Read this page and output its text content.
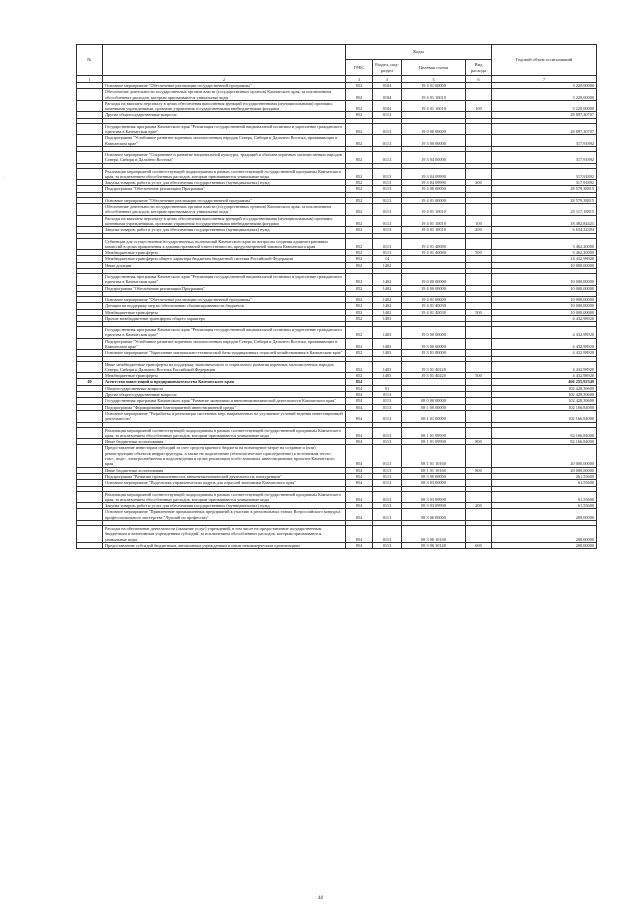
·
№		Коды				Годовой объем ассигнований
		ГРБС	Раздел, под-раздел	Целевая статья	Вид расхода	
1	2	3	4	5	6	7
	Основное мероприятие "Обеспечение реализации государственной программы"	852	0104	19 4 01 00000		3 220,00000
	Обеспечение деятельности государственных органов власти (государственных органов) Камчатского края, за исключением обособленных расходов, которым присваиваются уникальные коды	852	0104	19 4 01 10010		3 220,00000
	Расходы на выплаты персоналу в целях обеспечения выполнения функций государственными (муниципальными) органами, казенными учреждениями, органами управления государственными внебюджетными фондами	852	0104	19 4 01 10010	100	3 220,00000
	Другие общегосударственные вопросы	852	0113			28 897,30707

	Государственная программа Камчатского края "Реализация государственной национальной политики и укрепление гражданского единства в Камчатском крае"	852	0113	19 0 00 00000		28 897,30707
	Подпрограмма "Устойчивое развитие коренных малочисленных народов Севера, Сибири и Дальнего Востока, проживающих в Камчатском крае"	852	0113	19 3 00 00000		317,91892

	Основное мероприятие "Сохранение и развитие национальной культуры, традиций и обычаев коренных малочисленных народов Севера, Сибири и Дальнего Востока"	852	0113	19 3 04 00000		317,91892

	Реализация мероприятий соответствующей подпрограммы в рамках соответствующей государственной программы Камчатского края, за исключением обособленных расходов, которым присваиваются уникальные коды	852	0113	19 3 04 09990		317,91892
	Закупка товаров, работ и услуг для обеспечения государственных (муниципальных) нужд	852	0113	19 3 04 09990	200	317,91892
	Подпрограмма "Обеспечение реализации Программы"	852	0113	19 4 00 00000		28 579,38815

	Основное мероприятие "Обеспечение реализации государственной программы"	852	0113	19 4 01 00000		28 579,38815
	Обеспечение деятельности государственных органов власти (государственных органов) Камчатского края, за исключением обособленных расходов, которым присваиваются уникальные коды	852	0113	19 4 01 10010		25 117,18815
	Расходы на выплаты персоналу в целях обеспечения выполнения функций государственными (муниципальными) органами, казенными учреждениями, органами управления государственными внебюджетными фондами	852	0113	19 4 01 10010	100	18 482,84421
	Закупка товаров, работ и услуг для обеспечения государственных (муниципальных) нужд	852	0113	19 4 01 10010	200	6 634,34394

	Субвенции для осуществления государственных полномочий Камчатского края по вопросам создания административных комиссий в целях привлечения к административной ответственности, предусмотренной законом Камчатского края	852	0113	19 4 01 40080		3 462,20000
	Межбюджетные трансферты	852	0113	19 4 01 40080	500	3 462,20000
	Межбюджетные трансферты общего характера бюджетам бюджетной системы Российской Федерации	852	14			14 432,98920
	Иные дотации	852	1402			10 000,00000

	Государственная программа Камчатского края "Реализация государственной национальной политики и укрепление гражданского единства в Камчатском крае"	852	1402	19 0 00 00000		10 000,00000
	Подпрограмма "Обеспечение реализации Программы"	852	1402	19 4 00 00000		10 000,00000

	Основное мероприятие "Обеспечение реализации государственной программы"	852	1402	19 4 01 00000		10 000,00000
	Дотации на поддержку мер по обеспечению сбалансированности бюджетов	852	1402	19 4 01 40030		10 000,00000
	Межбюджетные трансферты	852	1402	19 4 01 40030	500	10 000,00000
	Прочие межбюджетные трансферты общего характера	852	1403			4 432,98920

	Государственная программа Камчатского края "Реализация государственной национальной политики и укрепление гражданского единства в Камчатском крае"	852	1403	19 0 00 00000		4 432,98920
	Подпрограмма "Устойчивое развитие коренных малочисленных народов Севера, Сибири и Дальнего Востока, проживающих в Камчатском крае"	852	1403	19 3 00 00000		4 432,98920
	Основное мероприятие "Укрепление материально-технической базы традиционных отраслей хозяйствования в Камчатском крае"	852	1403	19 3 01 00000		4 432,98920

	Иные межбюджетные трансферты на поддержку экономического и социального развития коренных малочисленных народов Севера, Сибири и Дальнего Востока Российской Федерации	852	1403	19 3 01 40220		4 432,98920
	Межбюджетные трансферты	852	1403	19 3 01 40220	500	4 432,98920
40	Агентство инвестиций и предпринимательства Камчатского края	854				466 255,92349
	Общегосударственные вопросы	854	01			102 428,39600
	Другие общегосударственные вопросы	854	0113			102 428,39600
	Государственная программа Камчатского края "Развитие экономики и внешнеэкономической деятельности Камчатского края"	854	0113	08 0 00 00000		102 428,39600
	Подпрограмма "Формирование благоприятной инвестиционной среды"	854	0113	08 1 00 00000		102 166,84000
	Основное мероприятие "Разработка и реализация системных мер, направленных на улучшение условий ведения инвестиционной деятельности"	854	0113	08 1 01 00000		102 166,84000

	Реализация мероприятий соответствующей подпрограммы в рамках соответствующей государственной программы Камчатского края, за исключением обособленных расходов, которым присваиваются уникальные коды	854	0113	08 1 01 09990		82 166,84000
	Иные бюджетные ассигнования	854	0113	08 1 01 09990	800	82 166,84000
	Предоставление инвесторам субсидий за счет средств краевого бюджета на возмещение затрат на создание и (или) реконструкцию объектов инфраструктуры, а также на подключение (технологическое присоединение) к источникам тепло-, газо-, водо-, электроснабжения и водоотведения в целях реализации особо значимых инвестиционных проектов Камчатского края	854	0113	08 1 01 10160		20 000,00000
	Иные бюджетные ассигнования	854	0113	08 1 01 10160	800	20 000,00000
	Подпрограмма "Развитие промышленности, внешнеэкономической деятельности, конкуренции"	854	0113	08 3 00 00000		261,55600
	Основное мероприятие "Подготовка управленческих кадров для отраслей экономики Камчатского края"	854	0113	08 3 03 00000		61,55600

	Реализация мероприятий соответствующей подпрограммы в рамках соответствующей государственной программы Камчатского края, за исключением обособленных расходов, которым присваиваются уникальные коды	854	0113	08 3 03 09990		61,55600
	Закупка товаров, работ и услуг для обеспечения государственных (муниципальных) нужд	854	0113	08 3 03 09990	200	61,55600
	Основное мероприятие "Привлечение промышленных предприятий к участию в региональных этапах Всероссийского конкурса профессионального мастерства "Лучший по профессии"	854	0113	08 3 06 00000		200,00000

	Расходы на обеспечение деятельности (оказание услуг) учреждений, в том числе на предоставление государственным бюджетным и автономным учреждениям субсидий, за исключением обособленных расходов, которым присваиваются уникальные коды	854	0113	08 3 06 10140		200,00000
	Предоставление субсидий бюджетным, автономным учреждениям и иным некоммерческим организациям	854	0113	08 3 06 10140	600	200,00000
48
